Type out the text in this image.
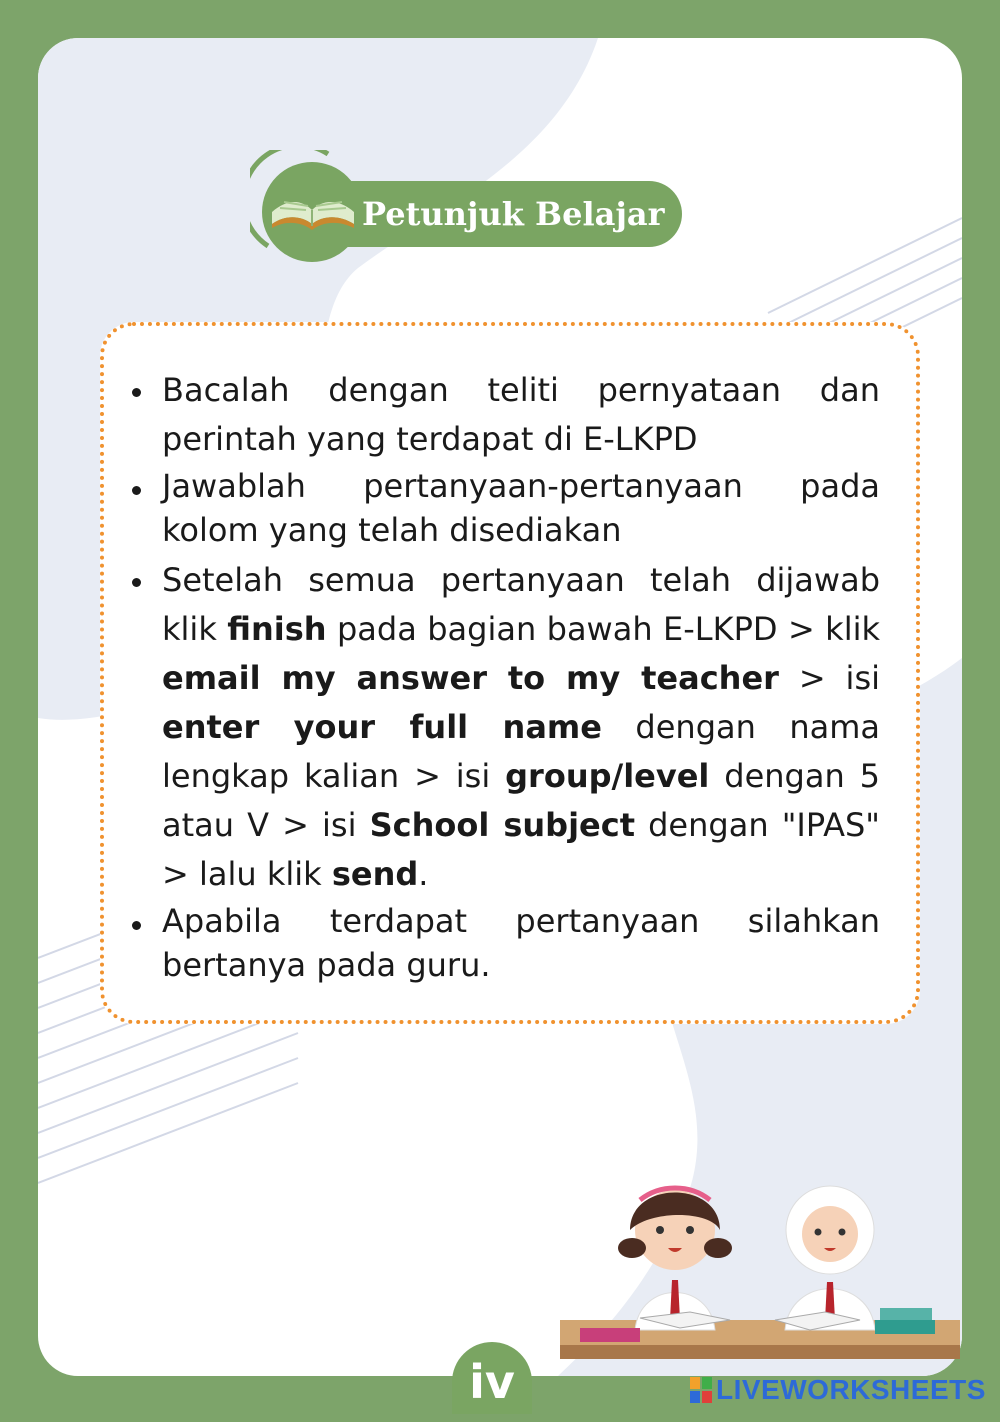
Petunjuk Belajar
Bacalah dengan teliti pernyataan dan perintah yang terdapat di E-LKPD
Jawablah pertanyaan-pertanyaan pada kolom yang telah disediakan
Setelah semua pertanyaan telah dijawab klik finish pada bagian bawah E-LKPD > klik email my answer to my teacher > isi enter your full name dengan nama lengkap kalian > isi group/level dengan 5 atau V > isi School subject dengan "IPAS" > lalu klik send.
Apabila terdapat pertanyaan silahkan bertanya pada guru.
iv	LIVEWORKSHEETS
